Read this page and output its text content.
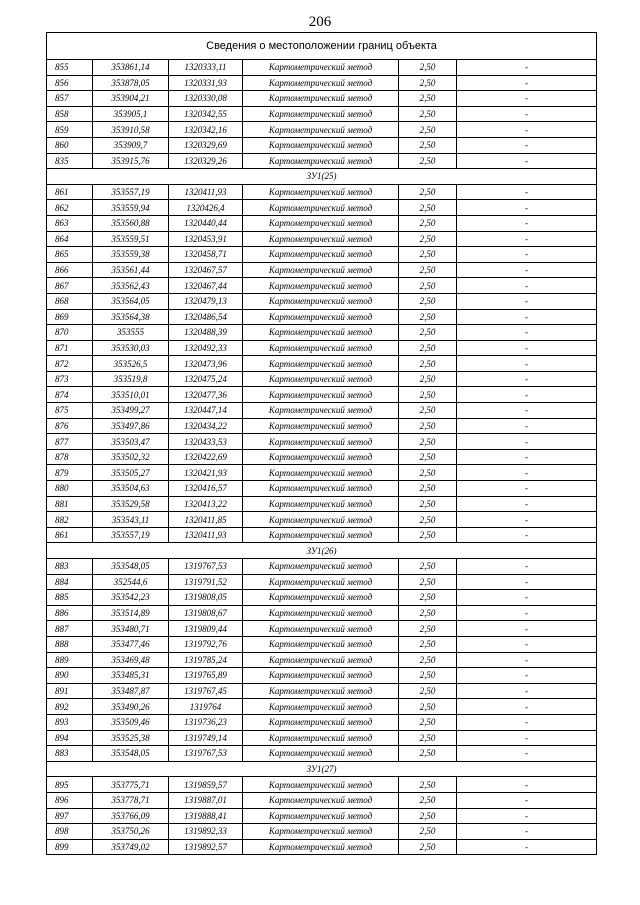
206
Сведения о местоположении границ объекта					
855	353861,14	1320333,11	Картометрический метод	2,50	-
856	353878,05	1320331,93	Картометрический метод	2,50	-
857	353904,21	1320330,08	Картометрический метод	2,50	-
858	353905,1	1320342,55	Картометрический метод	2,50	-
859	353910,58	1320342,16	Картометрический метод	2,50	-
860	353909,7	1320329,69	Картометрический метод	2,50	-
835	353915,76	1320329,26	Картометрический метод	2,50	-
ЗУ1(25)					
861	353557,19	1320411,93	Картометрический метод	2,50	-
862	353559,94	1320426,4	Картометрический метод	2,50	-
863	353560,88	1320440,44	Картометрический метод	2,50	-
864	353559,51	1320453,91	Картометрический метод	2,50	-
865	353559,38	1320458,71	Картометрический метод	2,50	-
866	353561,44	1320467,57	Картометрический метод	2,50	-
867	353562,43	1320467,44	Картометрический метод	2,50	-
868	353564,05	1320479,13	Картометрический метод	2,50	-
869	353564,38	1320486,54	Картометрический метод	2,50	-
870	353555	1320488,39	Картометрический метод	2,50	-
871	353530,03	1320492,33	Картометрический метод	2,50	-
872	353526,5	1320473,96	Картометрический метод	2,50	-
873	353519,8	1320475,24	Картометрический метод	2,50	-
874	353510,01	1320477,36	Картометрический метод	2,50	-
875	353499,27	1320447,14	Картометрический метод	2,50	-
876	353497,86	1320434,22	Картометрический метод	2,50	-
877	353503,47	1320433,53	Картометрический метод	2,50	-
878	353502,32	1320422,69	Картометрический метод	2,50	-
879	353505,27	1320421,93	Картометрический метод	2,50	-
880	353504,63	1320416,57	Картометрический метод	2,50	-
881	353529,58	1320413,22	Картометрический метод	2,50	-
882	353543,11	1320411,85	Картометрический метод	2,50	-
861	353557,19	1320411,93	Картометрический метод	2,50	-
ЗУ1(26)					
883	353548,05	1319767,53	Картометрический метод	2,50	-
884	352544,6	1319791,52	Картометрический метод	2,50	-
885	353542,23	1319808,05	Картометрический метод	2,50	-
886	353514,89	1319808,67	Картометрический метод	2,50	-
887	353480,71	1319809,44	Картометрический метод	2,50	-
888	353477,46	1319792,76	Картометрический метод	2,50	-
889	353469,48	1319785,24	Картометрический метод	2,50	-
890	353485,31	1319765,89	Картометрический метод	2,50	-
891	353487,87	1319767,45	Картометрический метод	2,50	-
892	353490,26	1319764	Картометрический метод	2,50	-
893	353509,46	1319736,23	Картометрический метод	2,50	-
894	353525,38	1319749,14	Картометрический метод	2,50	-
883	353548,05	1319767,53	Картометрический метод	2,50	-
ЗУ1(27)					
895	353775,71	1319859,57	Картометрический метод	2,50	-
896	353778,71	1319887,01	Картометрический метод	2,50	-
897	353766,09	1319888,41	Картометрический метод	2,50	-
898	353750,26	1319892,33	Картометрический метод	2,50	-
899	353749,02	1319892,57	Картометрический метод	2,50	-
